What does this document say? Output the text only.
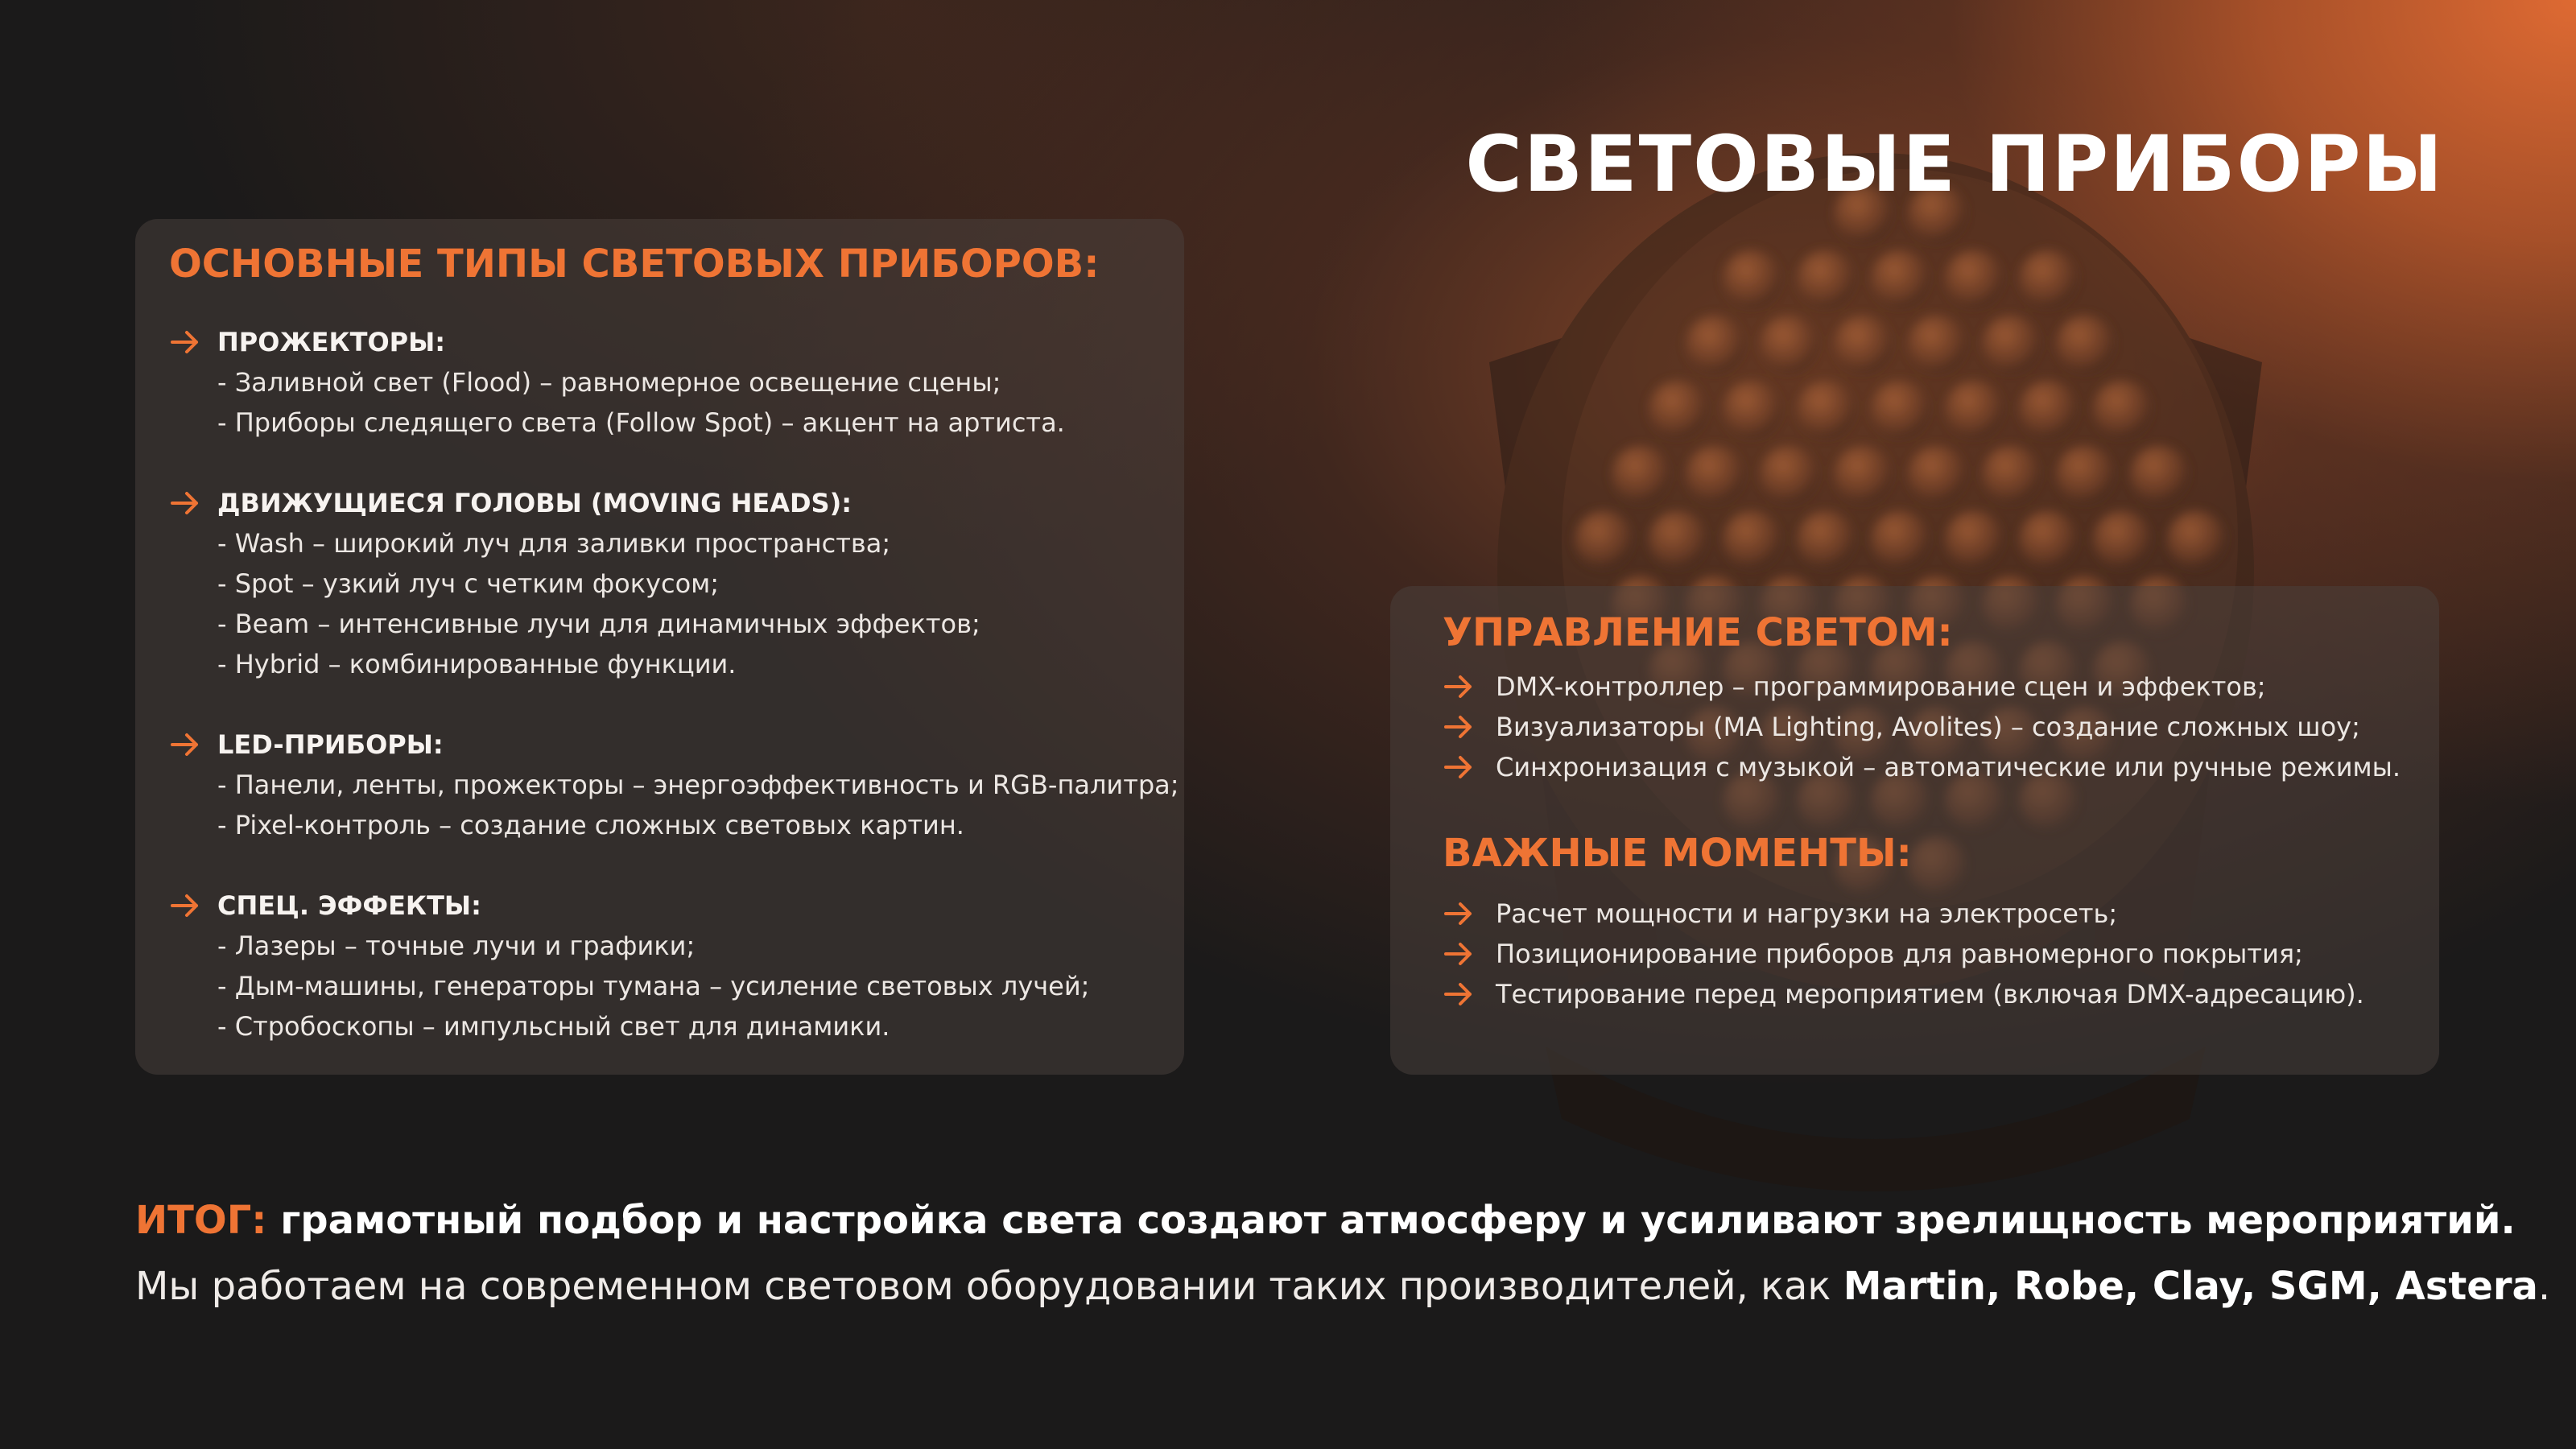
СВЕТОВЫЕ ПРИБОРЫ
ОСНОВНЫЕ ТИПЫ СВЕТОВЫХ ПРИБОРОВ:
ПРОЖЕКТОРЫ:
- Заливной свет (Flood) – равномерное освещение сцены;
- Приборы следящего света (Follow Spot) – акцент на артиста.
ДВИЖУЩИЕСЯ ГОЛОВЫ (MOVING HEADS):
- Wash – широкий луч для заливки пространства;
- Spot – узкий луч с четким фокусом;
- Beam – интенсивные лучи для динамичных эффектов;
- Hybrid – комбинированные функции.
LED-ПРИБОРЫ:
- Панели, ленты, прожекторы – энергоэффективность и RGB-палитра;
- Pixel-контроль – создание сложных световых картин.
СПЕЦ. ЭФФЕКТЫ:
- Лазеры – точные лучи и графики;
- Дым-машины, генераторы тумана – усиление световых лучей;
- Стробоскопы – импульсный свет для динамики.
УПРАВЛЕНИЕ СВЕТОМ:
DMX-контроллер – программирование сцен и эффектов;
Визуализаторы (MA Lighting, Avolites) – создание сложных шоу;
Синхронизация с музыкой – автоматические или ручные режимы.
ВАЖНЫЕ МОМЕНТЫ:
Расчет мощности и нагрузки на электросеть;
Позиционирование приборов для равномерного покрытия;
Тестирование перед мероприятием (включая DMX-адресацию).
ИТОГ: грамотный подбор и настройка света создают атмосферу и усиливают зрелищность мероприятий.
Мы работаем на современном световом оборудовании таких производителей, как Martin, Robe, Clay, SGM, Astera.
